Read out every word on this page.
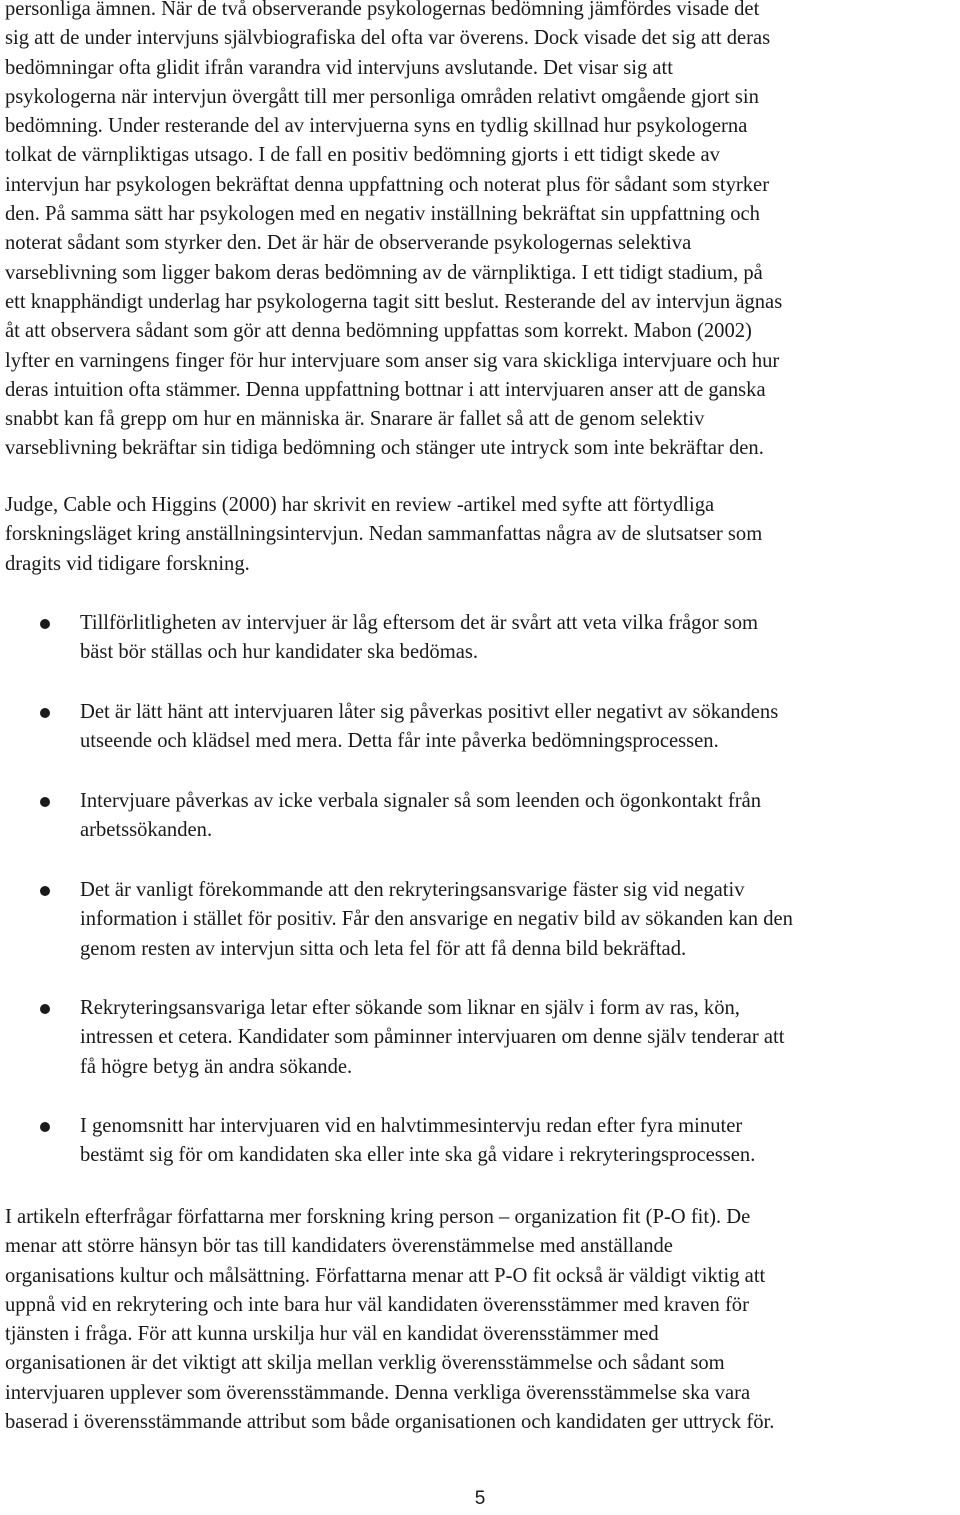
personliga ämnen. När de två observerande psykologernas bedömning jämfördes visade det
sig att de under intervjuns självbiografiska del ofta var överens. Dock visade det sig att deras
bedömningar ofta glidit ifrån varandra vid intervjuns avslutande. Det visar sig att
psykologerna när intervjun övergått till mer personliga områden relativt omgående gjort sin
bedömning. Under resterande del av intervjuerna syns en tydlig skillnad hur psykologerna
tolkat de värnpliktigas utsago. I de fall en positiv bedömning gjorts i ett tidigt skede av
intervjun har psykologen bekräftat denna uppfattning och noterat plus för sådant som styrker
den. På samma sätt har psykologen med en negativ inställning bekräftat sin uppfattning och
noterat sådant som styrker den. Det är här de observerande psykologernas selektiva
varseblivning som ligger bakom deras bedömning av de värnpliktiga. I ett tidigt stadium, på
ett knapphändigt underlag har psykologerna tagit sitt beslut. Resterande del av intervjun ägnas
åt att observera sådant som gör att denna bedömning uppfattas som korrekt. Mabon (2002)
lyfter en varningens finger för hur intervjuare som anser sig vara skickliga intervjuare och hur
deras intuition ofta stämmer. Denna uppfattning bottnar i att intervjuaren anser att de ganska
snabbt kan få grepp om hur en människa är. Snarare är fallet så att de genom selektiv
varseblivning bekräftar sin tidiga bedömning och stänger ute intryck som inte bekräftar den.

Judge, Cable och Higgins (2000) har skrivit en review -artikel med syfte att förtydliga
forskningsläget kring anställningsintervjun. Nedan sammanfattas några av de slutsatser som
dragits vid tidigare forskning.

Tillförlitligheten av intervjuer är låg eftersom det är svårt att veta vilka frågor som
bäst bör ställas och hur kandidater ska bedömas.

Det är lätt hänt att intervjuaren låter sig påverkas positivt eller negativt av sökandens
utseende och klädsel med mera. Detta får inte påverka bedömningsprocessen.

Intervjuare påverkas av icke verbala signaler så som leenden och ögonkontakt från
arbetssökanden.

Det är vanligt förekommande att den rekryteringsansvarige fäster sig vid negativ
information i stället för positiv. Får den ansvarige en negativ bild av sökanden kan den
genom resten av intervjun sitta och leta fel för att få denna bild bekräftad.

Rekryteringsansvariga letar efter sökande som liknar en själv i form av ras, kön,
intressen et cetera. Kandidater som påminner intervjuaren om denne själv tenderar att
få högre betyg än andra sökande.

I genomsnitt har intervjuaren vid en halvtimmesintervju redan efter fyra minuter
bestämt sig för om kandidaten ska eller inte ska gå vidare i rekryteringsprocessen.

I artikeln efterfrågar författarna mer forskning kring person – organization fit (P-O fit). De
menar att större hänsyn bör tas till kandidaters överenstämmelse med anställande
organisations kultur och målsättning. Författarna menar att P-O fit också är väldigt viktig att
uppnå vid en rekrytering och inte bara hur väl kandidaten överensstämmer med kraven för
tjänsten i fråga. För att kunna urskilja hur väl en kandidat överensstämmer med
organisationen är det viktigt att skilja mellan verklig överensstämmelse och sådant som
intervjuaren upplever som överensstämmande. Denna verkliga överensstämmelse ska vara
baserad i överensstämmande attribut som både organisationen och kandidaten ger uttryck för.

5
